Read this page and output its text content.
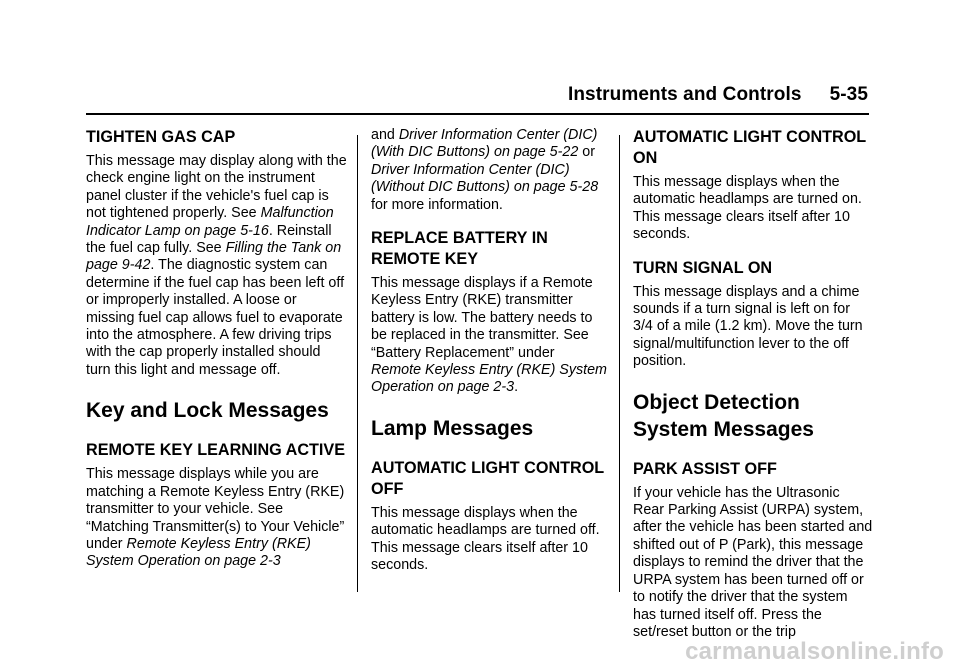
Instruments and Controls 5-35
TIGHTEN GAS CAP

This message may display along with the check engine light on the instrument panel cluster if the vehicle's fuel cap is not tightened properly. See Malfunction Indicator Lamp on page 5-16. Reinstall the fuel cap fully. See Filling the Tank on page 9-42. The diagnostic system can determine if the fuel cap has been left off or improperly installed. A loose or missing fuel cap allows fuel to evaporate into the atmosphere. A few driving trips with the cap properly installed should turn this light and message off.

Key and Lock Messages
REMOTE KEY LEARNING ACTIVE

This message displays while you are matching a Remote Keyless Entry (RKE) transmitter to your vehicle. See “Matching Transmitter(s) to Your Vehicle” under Remote Keyless Entry (RKE) System Operation on page 2-3

and Driver Information Center (DIC) (With DIC Buttons) on page 5-22 or Driver Information Center (DIC) (Without DIC Buttons) on page 5-28 for more information.

REPLACE BATTERY IN REMOTE KEY

This message displays if a Remote Keyless Entry (RKE) transmitter battery is low. The battery needs to be replaced in the transmitter. See “Battery Replacement” under Remote Keyless Entry (RKE) System Operation on page 2-3.

Lamp Messages
AUTOMATIC LIGHT CONTROL OFF

This message displays when the automatic headlamps are turned off. This message clears itself after 10 seconds.

AUTOMATIC LIGHT CONTROL ON

This message displays when the automatic headlamps are turned on. This message clears itself after 10 seconds.

TURN SIGNAL ON

This message displays and a chime sounds if a turn signal is left on for 3/4 of a mile (1.2 km). Move the turn signal/multifunction lever to the off position.

Object Detection System Messages
PARK ASSIST OFF

If your vehicle has the Ultrasonic Rear Parking Assist (URPA) system, after the vehicle has been started and shifted out of P (Park), this message displays to remind the driver that the URPA system has been turned off or to notify the driver that the system has turned itself off. Press the set/reset button or the trip

carmanualsonline.info
